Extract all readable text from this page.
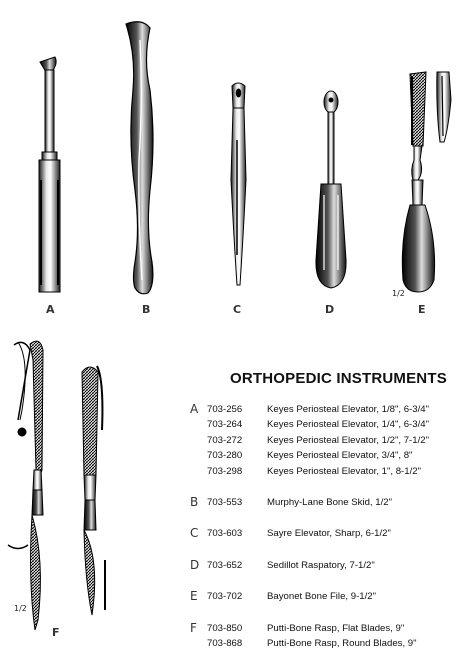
A	B	C	D	E
F
1/2
1/2
ORTHOPEDIC INSTRUMENTS
A 703-256	Keyes Periosteal Elevator, 1/8", 6-3/4"
703-264	Keyes Periosteal Elevator, 1/4", 6-3/4"
703-272	Keyes Periosteal Elevator, 1/2", 7-1/2"
703-280	Keyes Periosteal Elevator, 3/4", 8"
703-298	Keyes Periosteal Elevator, 1", 8-1/2"
B 703-553	Murphy-Lane Bone Skid, 1/2"
C 703-603	Sayre Elevator, Sharp, 6-1/2"
D 703-652	Sedillot Raspatory, 7-1/2"
E 703-702	Bayonet Bone File, 9-1/2"
F 703-850	Putti-Bone Rasp, Flat Blades, 9"
703-868	Putti-Bone Rasp, Round Blades, 9"
